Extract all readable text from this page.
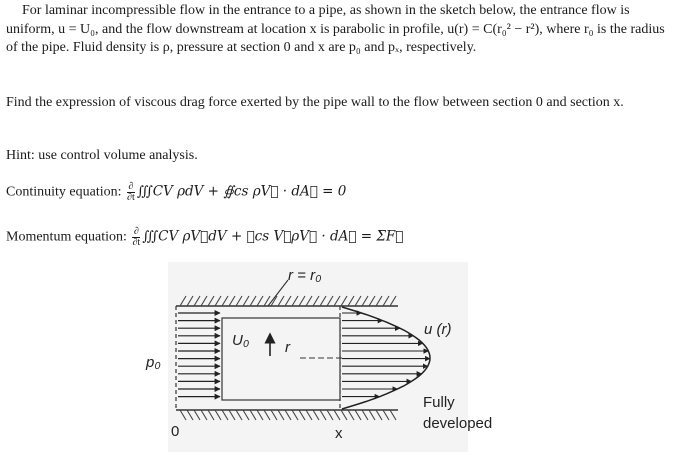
For laminar incompressible flow in the entrance to a pipe, as shown in the sketch below, the entrance flow is uniform, u = U₀, and the flow downstream at location x is parabolic in profile, u(r) = C(r₀² − r²), where r₀ is the radius of the pipe. Fluid density is ρ, pressure at section 0 and x are p₀ and pₓ, respectively.
Find the expression of viscous drag force exerted by the pipe wall to the flow between section 0 and section x.
Hint: use control volume analysis.
Continuity equation: $\frac{\partial}{\partial t}$ ∭CV ρdV + ∯cs ρV⃗ · dA⃗ = 0
Momentum equation: $\frac{\partial}{\partial t}$ ∭CV ρV⃗dV + ∯cs V⃗ρV⃗ · dA⃗ = ΣF⃗
r = r₀
U₀ r
u (r)
p₀
0	x
Fully
developed
